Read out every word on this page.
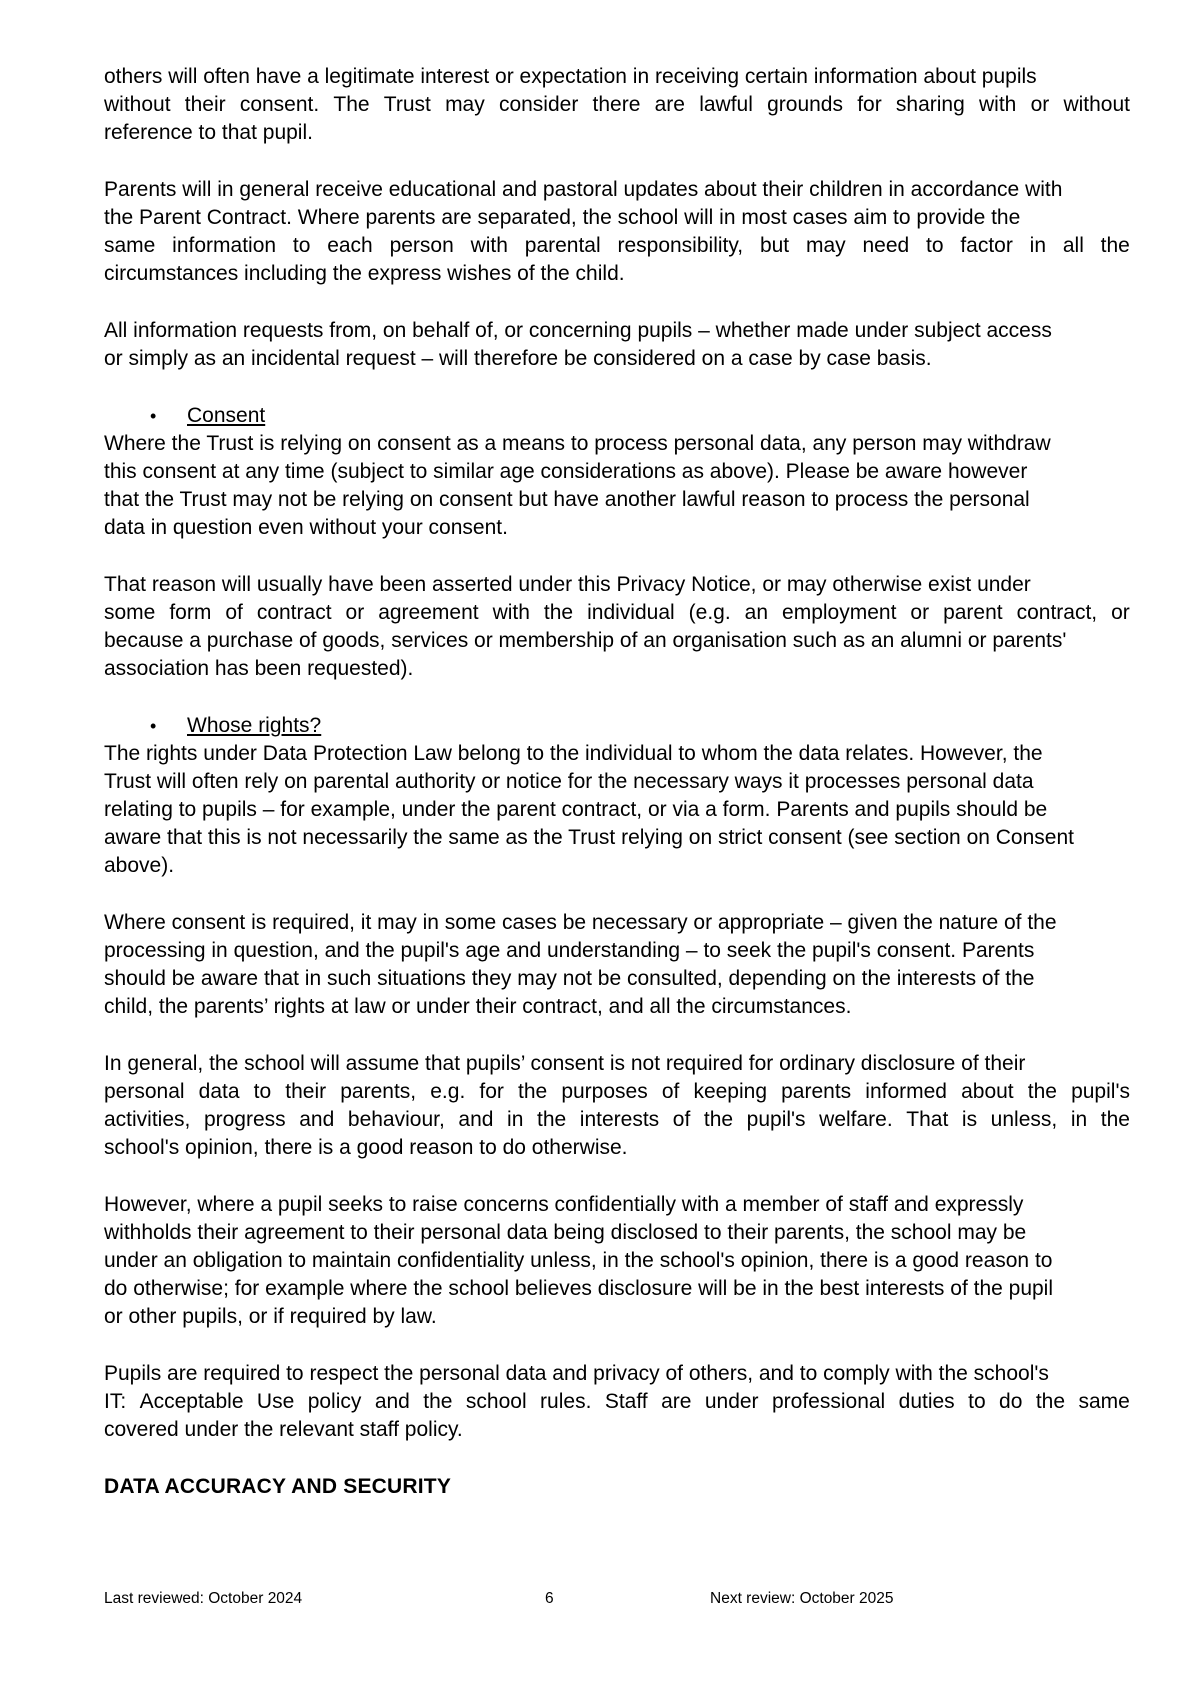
others will often have a legitimate interest or expectation in receiving certain information about pupils
without their consent. The Trust may consider there are lawful grounds for sharing with or without
reference to that pupil.
Parents will in general receive educational and pastoral updates about their children in accordance with
the Parent Contract. Where parents are separated, the school will in most cases aim to provide the
same information to each person with parental responsibility, but may need to factor in all the
circumstances including the express wishes of the child.
All information requests from, on behalf of, or concerning pupils – whether made under subject access
or simply as an incidental request – will therefore be considered on a case by case basis.
• Consent
Where the Trust is relying on consent as a means to process personal data, any person may withdraw
this consent at any time (subject to similar age considerations as above). Please be aware however
that the Trust may not be relying on consent but have another lawful reason to process the personal
data in question even without your consent.
That reason will usually have been asserted under this Privacy Notice, or may otherwise exist under
some form of contract or agreement with the individual (e.g. an employment or parent contract, or
because a purchase of goods, services or membership of an organisation such as an alumni or parents'
association has been requested).
• Whose rights?
The rights under Data Protection Law belong to the individual to whom the data relates. However, the
Trust will often rely on parental authority or notice for the necessary ways it processes personal data
relating to pupils – for example, under the parent contract, or via a form. Parents and pupils should be
aware that this is not necessarily the same as the Trust relying on strict consent (see section on Consent
above).
Where consent is required, it may in some cases be necessary or appropriate – given the nature of the
processing in question, and the pupil's age and understanding – to seek the pupil's consent. Parents
should be aware that in such situations they may not be consulted, depending on the interests of the
child, the parents’ rights at law or under their contract, and all the circumstances.
In general, the school will assume that pupils’ consent is not required for ordinary disclosure of their
personal data to their parents, e.g. for the purposes of keeping parents informed about the pupil's
activities, progress and behaviour, and in the interests of the pupil's welfare. That is unless, in the
school's opinion, there is a good reason to do otherwise.
However, where a pupil seeks to raise concerns confidentially with a member of staff and expressly
withholds their agreement to their personal data being disclosed to their parents, the school may be
under an obligation to maintain confidentiality unless, in the school's opinion, there is a good reason to
do otherwise; for example where the school believes disclosure will be in the best interests of the pupil
or other pupils, or if required by law.
Pupils are required to respect the personal data and privacy of others, and to comply with the school's
IT: Acceptable Use policy and the school rules. Staff are under professional duties to do the same
covered under the relevant staff policy.
DATA ACCURACY AND SECURITY
Last reviewed: October 2024	6	Next review: October 2025
